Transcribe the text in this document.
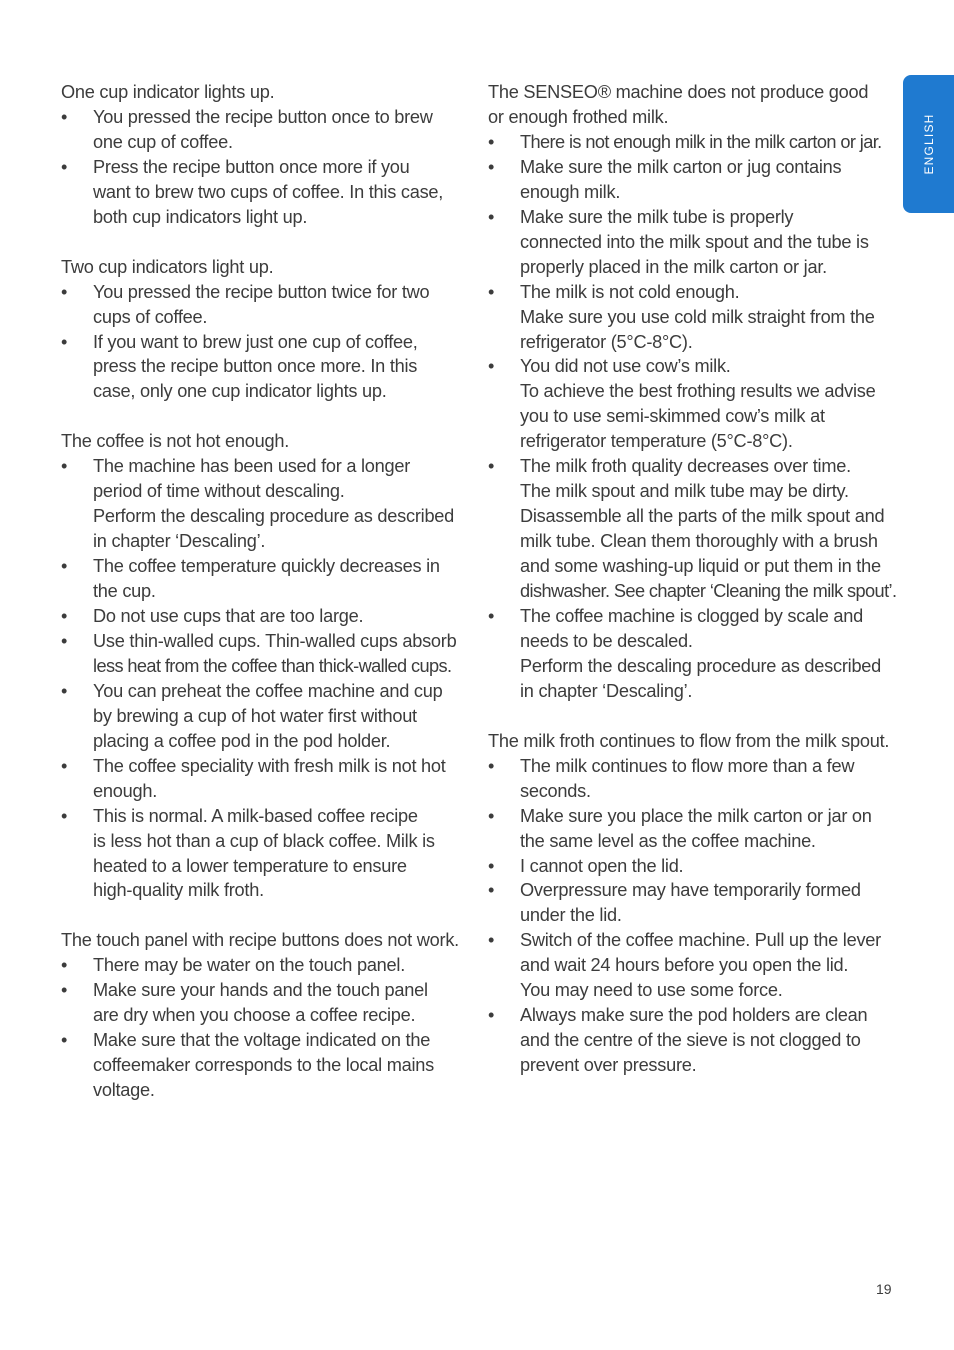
One cup indicator lights up.
•	You pressed the recipe button once to brew
one cup of coffee.
•	Press the recipe button once more if you
want to brew two cups of coffee. In this case,
both cup indicators light up.
Two cup indicators light up.
•	You pressed the recipe button twice for two
cups of coffee.
•	If you want to brew just one cup of coffee,
press the recipe button once more. In this
case, only one cup indicator lights up.
The coffee is not hot enough.
•	The machine has been used for a longer
period of time without descaling.
Perform the descaling procedure as described
in chapter ‘Descaling’.
•	The coffee temperature quickly decreases in
the cup.
•	Do not use cups that are too large.
•	Use thin-walled cups. Thin-walled cups absorb
less heat from the coffee than thick-walled cups.
•	You can preheat the coffee machine and cup
by brewing a cup of hot water first without
placing a coffee pod in the pod holder.
•	The coffee speciality with fresh milk is not hot
enough.
•	This is normal. A milk-based coffee recipe
is less hot than a cup of black coffee. Milk is
heated to a lower temperature to ensure
high-quality milk froth.
The touch panel with recipe buttons does not work.
•	There may be water on the touch panel.
•	Make sure your hands and the touch panel
are dry when you choose a coffee recipe.
•	Make sure that the voltage indicated on the
coffeemaker corresponds to the local mains
voltage.
The SENSEO® machine does not produce good
or enough frothed milk.
•	There is not enough milk in the milk carton or jar.
•	Make sure the milk carton or jug contains
enough milk.
•	Make sure the milk tube is properly
connected into the milk spout and the tube is
properly placed in the milk carton or jar.
•	The milk is not cold enough.
Make sure you use cold milk straight from the
refrigerator (5°C-8°C).
•	You did not use cow’s milk.
To achieve the best frothing results we advise
you to use semi-skimmed cow’s milk at
refrigerator temperature (5°C-8°C).
•	The milk froth quality decreases over time.
The milk spout and milk tube may be dirty.
Disassemble all the parts of the milk spout and
milk tube. Clean them thoroughly with a brush
and some washing-up liquid or put them in the
dishwasher. See chapter ‘Cleaning the milk spout’.
•	The coffee machine is clogged by scale and
needs to be descaled.
Perform the descaling procedure as described
in chapter ‘Descaling’.
The milk froth continues to flow from the milk spout.
•	The milk continues to flow more than a few
seconds.
•	Make sure you place the milk carton or jar on
the same level as the coffee machine.
•	I cannot open the lid.
•	Overpressure may have temporarily formed
under the lid.
•	Switch of the coffee machine. Pull up the lever
and wait 24 hours before you open the lid.
You may need to use some force.
•	Always make sure the pod holders are clean
and the centre of the sieve is not clogged to
prevent over pressure.
ENGLISH
19
